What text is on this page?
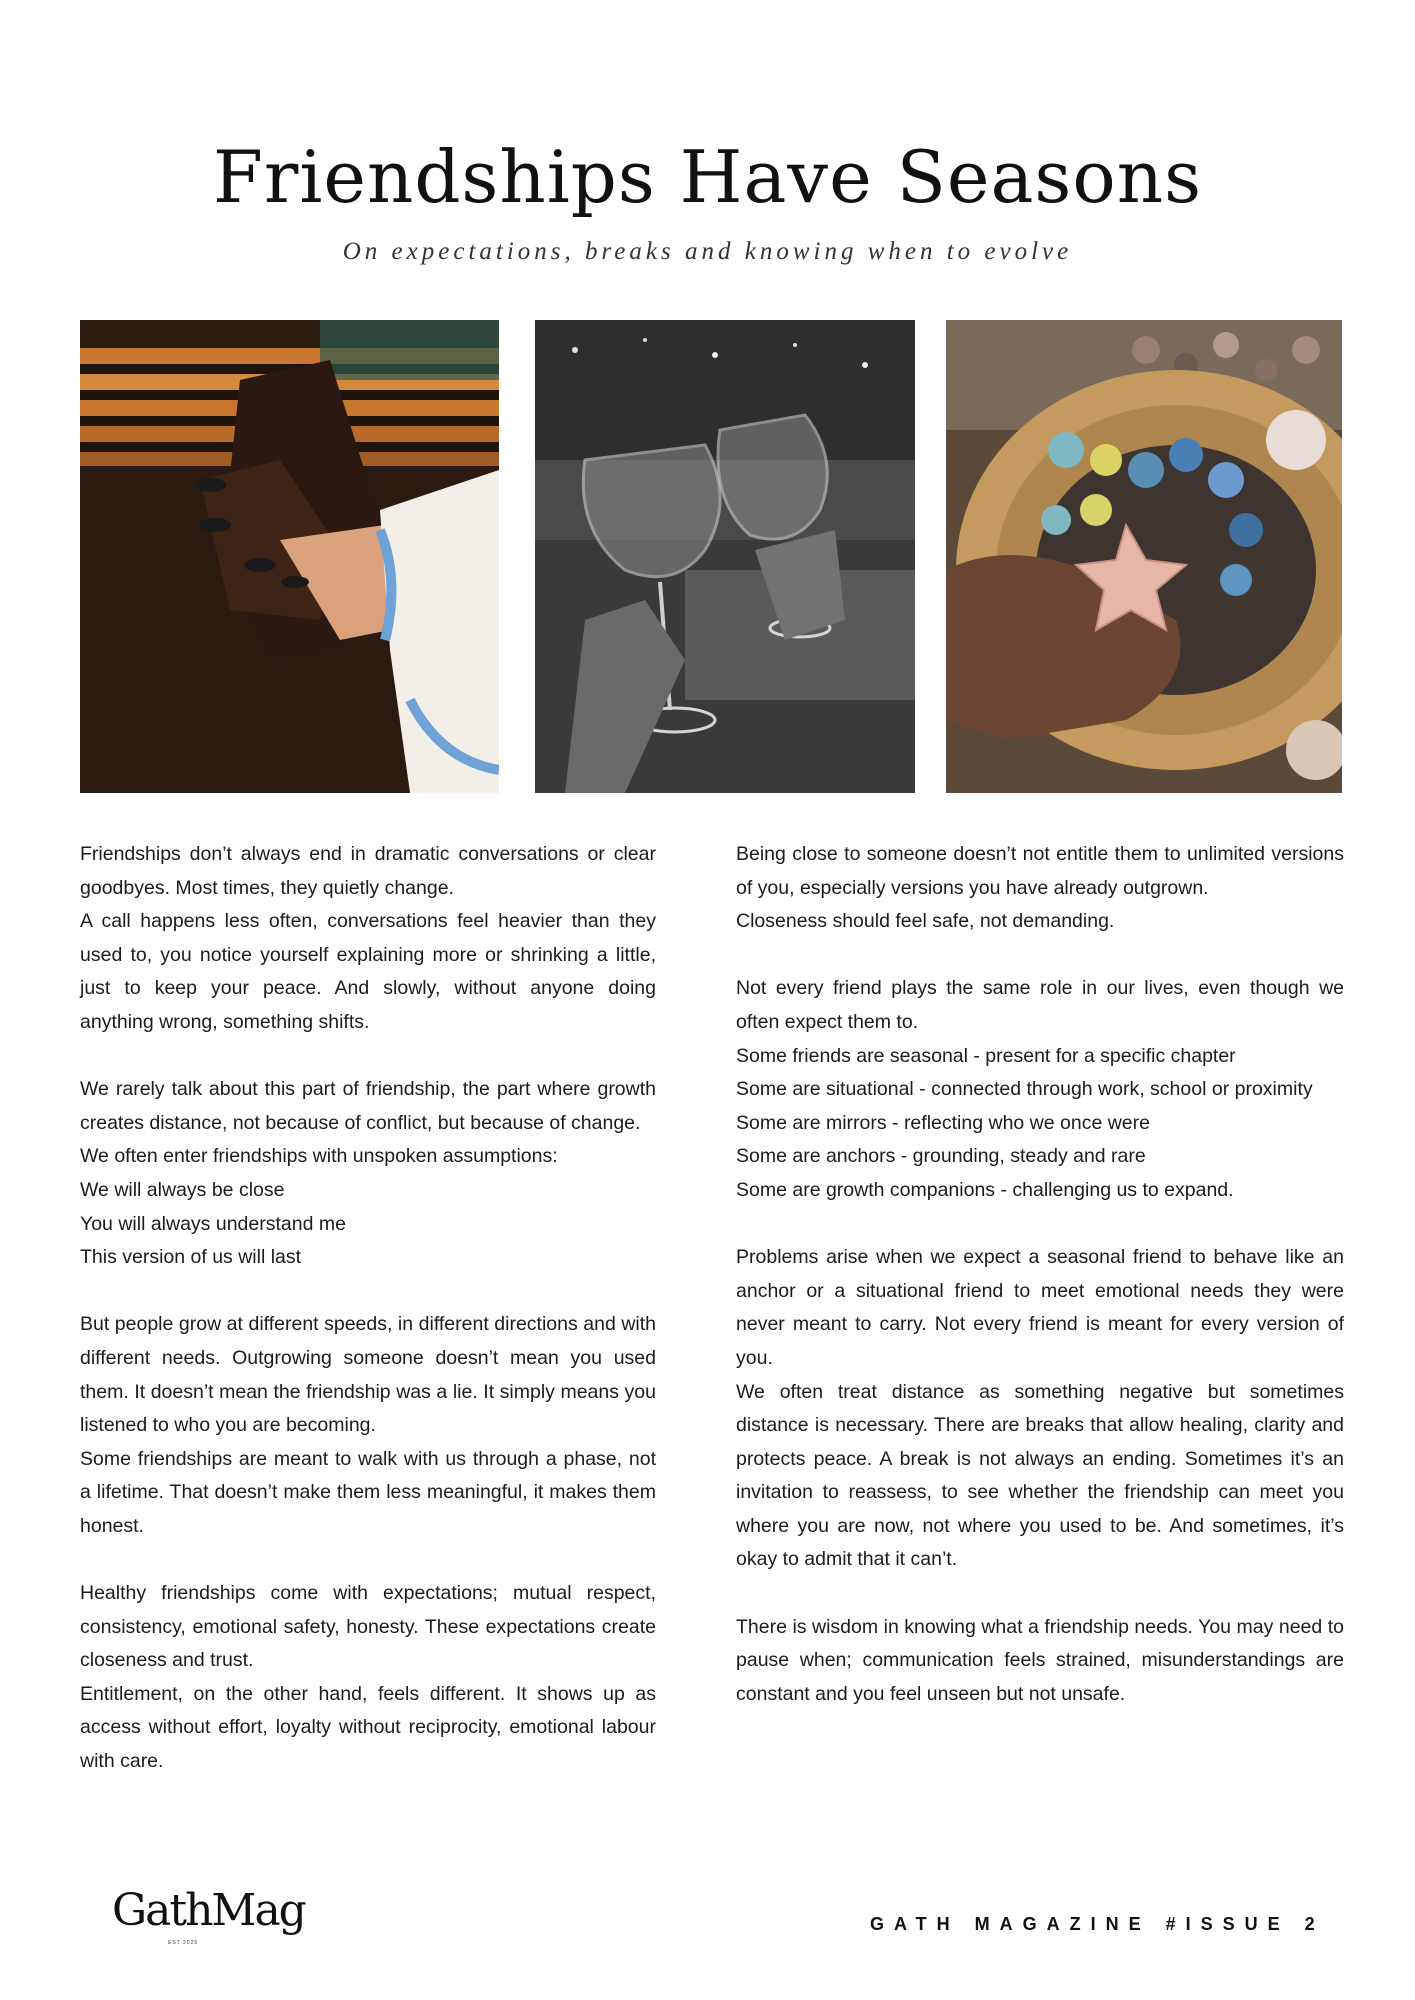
Friendships Have Seasons
On expectations, breaks and knowing when to evolve

Friendships don’t always end in dramatic conversations or clear goodbyes. Most times, they quietly change.
A call happens less often, conversations feel heavier than they used to, you notice yourself explaining more or shrinking a little, just to keep your peace. And slowly, without anyone doing anything wrong, something shifts.

We rarely talk about this part of friendship, the part where growth creates distance, not because of conflict, but because of change.
We often enter friendships with unspoken assumptions:
We will always be close
You will always understand me
This version of us will last

But people grow at different speeds, in different directions and with different needs. Outgrowing someone doesn’t mean you used them. It doesn’t mean the friendship was a lie. It simply means you listened to who you are becoming.
Some friendships are meant to walk with us through a phase, not a lifetime. That doesn’t make them less meaningful, it makes them honest.

Healthy friendships come with expectations; mutual respect, consistency, emotional safety, honesty. These expectations create closeness and trust.
Entitlement, on the other hand, feels different. It shows up as access without effort, loyalty without reciprocity, emotional labour with care.

Being close to someone doesn’t not entitle them to unlimited versions of you, especially versions you have already outgrown.
Closeness should feel safe, not demanding.

Not every friend plays the same role in our lives, even though we often expect them to.
Some friends are seasonal - present for a specific chapter
Some are situational - connected through work, school or proximity
Some are mirrors - reflecting who we once were
Some are anchors - grounding, steady and rare
Some are growth companions - challenging us to expand.

Problems arise when we expect a seasonal friend to behave like an anchor or a situational friend to meet emotional needs they were never meant to carry. Not every friend is meant for every version of you.
We often treat distance as something negative but sometimes distance is necessary. There are breaks that allow healing, clarity and protects peace. A break is not always an ending. Sometimes it’s an invitation to reassess, to see whether the friendship can meet you where you are now, not where you used to be. And sometimes, it’s okay to admit that it can’t.

There is wisdom in knowing what a friendship needs. You may need to pause when; communication feels strained, misunderstandings are constant and you feel unseen but not unsafe.

GathMag
EST 2025
GATH MAGAZINE #ISSUE 2
